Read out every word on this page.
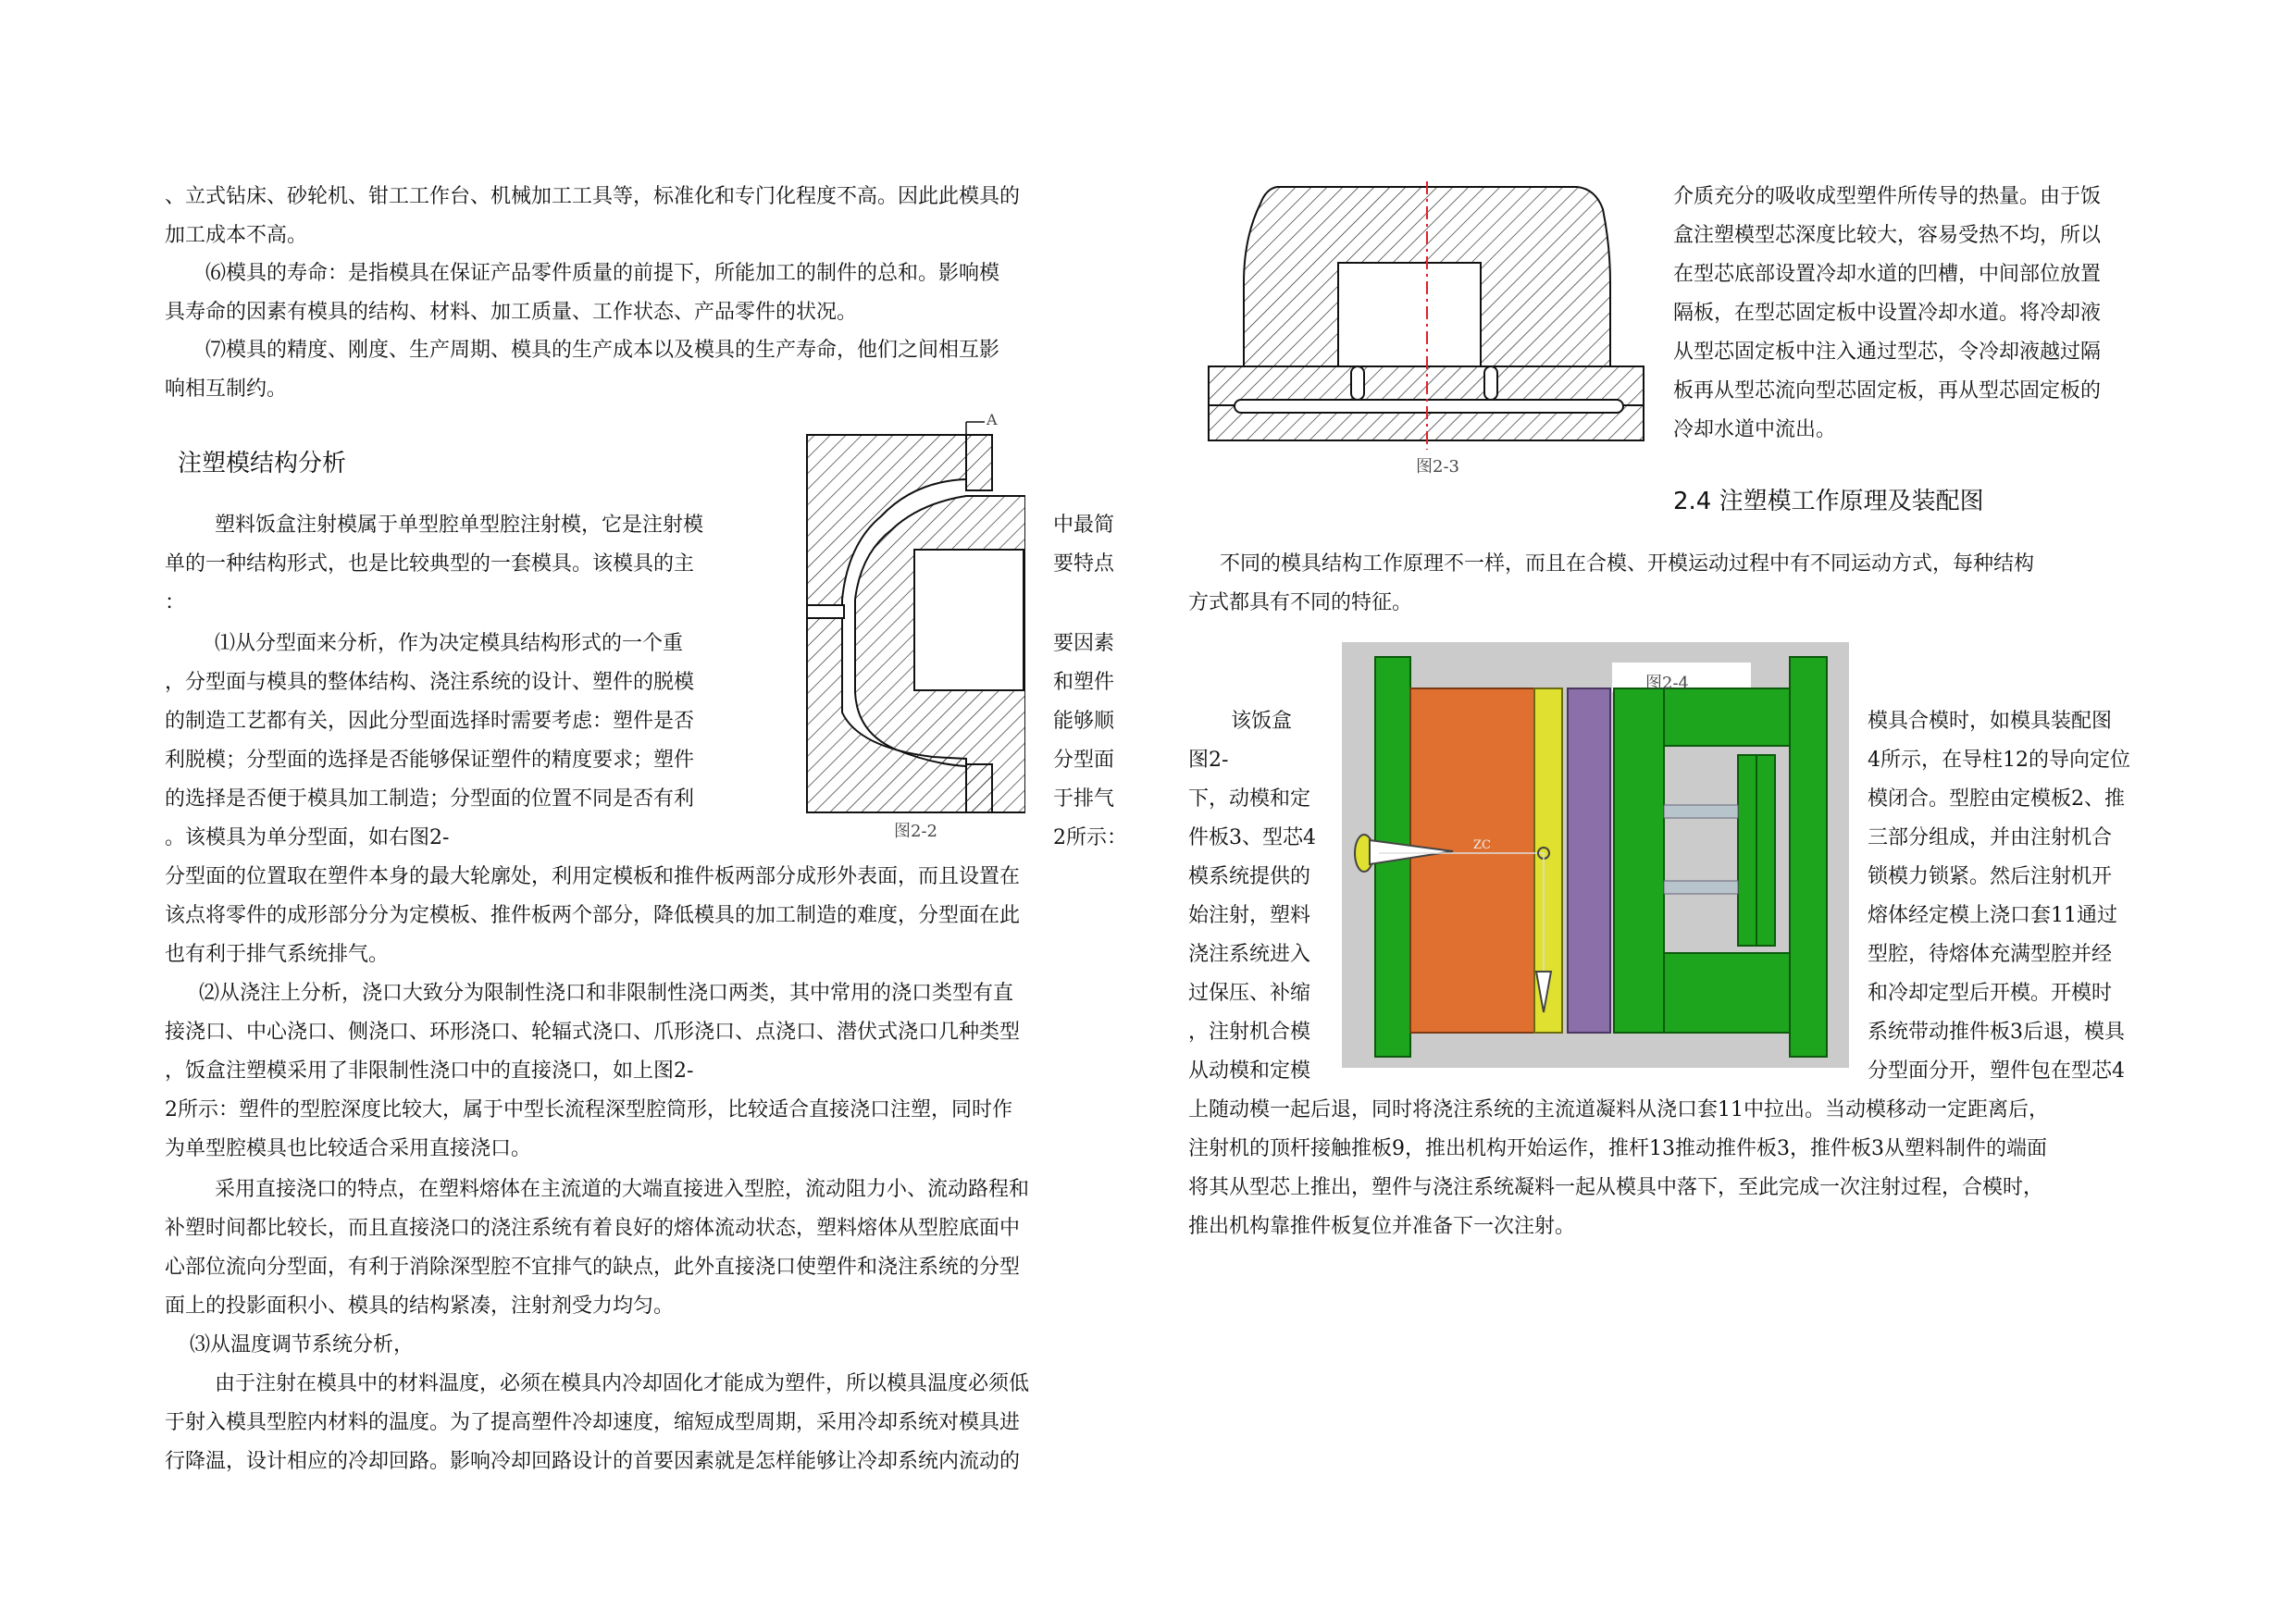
、立式钻床、砂轮机、钳工工作台、机械加工工具等，标准化和专门化程度不高。因此此模具的
加工成本不高。
⑹模具的寿命：是指模具在保证产品零件质量的前提下，所能加工的制件的总和。影响模
具寿命的因素有模具的结构、材料、加工质量、工作状态、产品零件的状况。
⑺模具的精度、刚度、生产周期、模具的生产成本以及模具的生产寿命，他们之间相互影
响相互制约。
注塑模结构分析
塑料饭盒注射模属于单型腔单型腔注射模，它是注射模
单的一种结构形式，也是比较典型的一套模具。该模具的主
：
⑴从分型面来分析，作为决定模具结构形式的一个重
，分型面与模具的整体结构、浇注系统的设计、塑件的脱模
的制造工艺都有关，因此分型面选择时需要考虑：塑件是否
利脱模；分型面的选择是否能够保证塑件的精度要求；塑件
的选择是否便于模具加工制造；分型面的位置不同是否有利
。该模具为单分型面，如右图2-
中最简
要特点
要因素
和塑件
能够顺
分型面
于排气
2所示：
A
图2-2
分型面的位置取在塑件本身的最大轮廓处，利用定模板和推件板两部分成形外表面，而且设置在
该点将零件的成形部分分为定模板、推件板两个部分，降低模具的加工制造的难度，分型面在此
也有利于排气系统排气。
⑵从浇注上分析，浇口大致分为限制性浇口和非限制性浇口两类，其中常用的浇口类型有直
接浇口、中心浇口、侧浇口、环形浇口、轮辐式浇口、爪形浇口、点浇口、潜伏式浇口几种类型
，饭盒注塑模采用了非限制性浇口中的直接浇口，如上图2-
2所示：塑件的型腔深度比较大，属于中型长流程深型腔筒形，比较适合直接浇口注塑，同时作
为单型腔模具也比较适合采用直接浇口。
采用直接浇口的特点，在塑料熔体在主流道的大端直接进入型腔，流动阻力小、流动路程和
补塑时间都比较长，而且直接浇口的浇注系统有着良好的熔体流动状态，塑料熔体从型腔底面中
心部位流向分型面，有利于消除深型腔不宜排气的缺点，此外直接浇口使塑件和浇注系统的分型
面上的投影面积小、模具的结构紧凑，注射剂受力均匀。
⑶从温度调节系统分析，
由于注射在模具中的材料温度，必须在模具内冷却固化才能成为塑件，所以模具温度必须低
于射入模具型腔内材料的温度。为了提高塑件冷却速度，缩短成型周期，采用冷却系统对模具进
行降温，设计相应的冷却回路。影响冷却回路设计的首要因素就是怎样能够让冷却系统内流动的
图2-3
介质充分的吸收成型塑件所传导的热量。由于饭
盒注塑模型芯深度比较大，容易受热不均，所以
在型芯底部设置冷却水道的凹槽，中间部位放置
隔板，在型芯固定板中设置冷却水道。将冷却液
从型芯固定板中注入通过型芯，令冷却液越过隔
板再从型芯流向型芯固定板，再从型芯固定板的
冷却水道中流出。
2.4 注塑模工作原理及装配图
不同的模具结构工作原理不一样，而且在合模、开模运动过程中有不同运动方式，每种结构
方式都具有不同的特征。
图2-4
ZC
该饭盒
图2-
下，动模和定
件板3、型芯4
模系统提供的
始注射，塑料
浇注系统进入
过保压、补缩
，注射机合模
从动模和定模
模具合模时，如模具装配图
4所示，在导柱12的导向定位
模闭合。型腔由定模板2、推
三部分组成，并由注射机合
锁模力锁紧。然后注射机开
熔体经定模上浇口套11通过
型腔，待熔体充满型腔并经
和冷却定型后开模。开模时
系统带动推件板3后退，模具
分型面分开，塑件包在型芯4
上随动模一起后退，同时将浇注系统的主流道凝料从浇口套11中拉出。当动模移动一定距离后，
注射机的顶杆接触推板9，推出机构开始运作，推杆13推动推件板3，推件板3从塑料制件的端面
将其从型芯上推出，塑件与浇注系统凝料一起从模具中落下，至此完成一次注射过程，合模时，
推出机构靠推件板复位并准备下一次注射。
